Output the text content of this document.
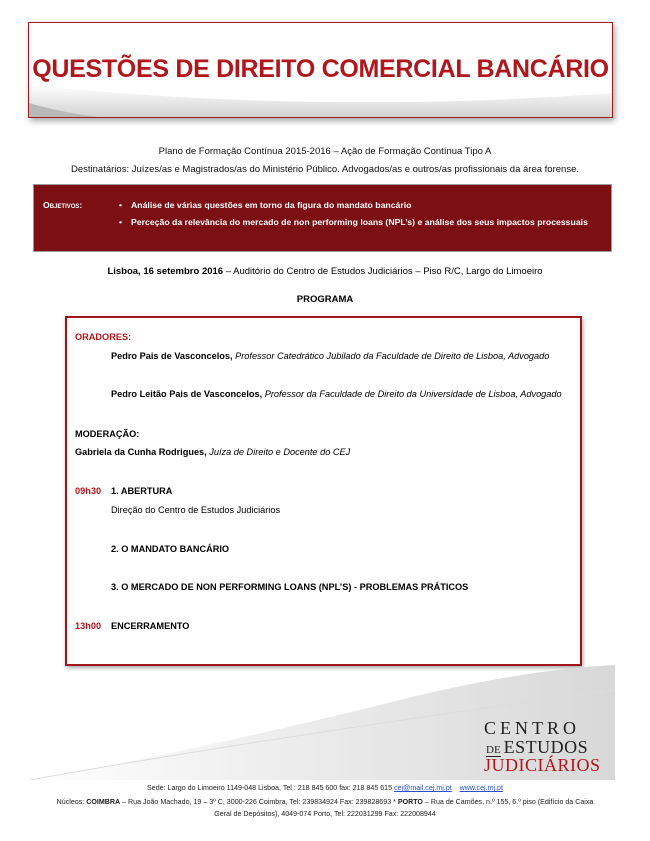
QUESTÕES DE DIREITO COMERCIAL BANCÁRIO
Plano de Formação Contínua 2015-2016 – Ação de Formação Contínua Tipo A
Destinatários: Juízes/as e Magistrados/as do Ministério Público. Advogados/as e outros/as profissionais da área forense.
Objetivos:	• Análise de várias questões em torno da figura do mandato bancário
• Perceção da relevância do mercado de non performing loans (NPL’s) e análise dos seus impactos processuais
Lisboa, 16 setembro 2016 – Auditório do Centro de Estudos Judiciários – Piso R/C, Largo do Limoeiro
PROGRAMA
ORADORES:
Pedro Pais de Vasconcelos, Professor Catedrático Jubilado da Faculdade de Direito de Lisboa, Advogado
Pedro Leitão Pais de Vasconcelos, Professor da Faculdade de Direito da Universidade de Lisboa, Advogado
MODERAÇÃO:
Gabriela da Cunha Rodrigues, Juíza de Direito e Docente do CEJ
09h30 1. ABERTURA
Direção do Centro de Estudos Judiciários
2. O MANDATO BANCÁRIO
3. O MERCADO DE NON PERFORMING LOANS (NPL’S) - PROBLEMAS PRÁTICOS
13h00 ENCERRAMENTO
CENTRO
DE ESTUDOS
JUDICIÁRIOS
Sede: Largo do Limoeiro 1149-048 Lisboa, Tel : 218 845 600 fax: 218 845 615 cej@mail.cej.mj.pt www.cej.mj.pt
Núcleos: COIMBRA – Rua João Machado, 19 – 3º C, 3000-226 Coimbra, Tel: 239834924 Fax: 239828693 * PORTO – Rua de Camões, n.º 155, 6.º piso (Edifício da Caixa
Geral de Depósitos), 4049-074 Porto, Tel: 222031299 Fax: 222008944
